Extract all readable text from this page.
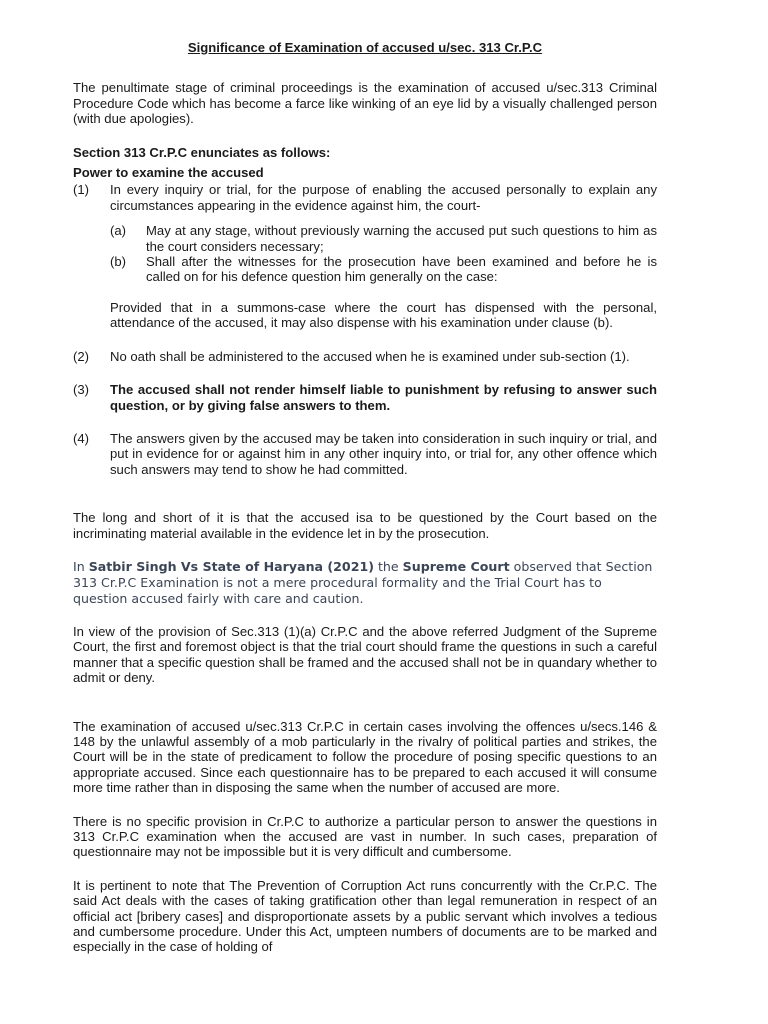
Significance of Examination of accused u/sec. 313 Cr.P.C

The penultimate stage of criminal proceedings is the examination of accused u/sec.313 Criminal Procedure Code which has become a farce like winking of an eye lid by a visually challenged person (with due apologies).

Section 313 Cr.P.C enunciates as follows:

Power to examine the accused

(1)	In every inquiry or trial, for the purpose of enabling the accused personally to explain any circumstances appearing in the evidence against him, the court-
(a)	May at any stage, without previously warning the accused put such questions to him as the court considers necessary;
(b)	Shall after the witnesses for the prosecution have been examined and before he is called on for his defence question him generally on the case:

Provided that in a summons-case where the court has dispensed with the personal, attendance of the accused, it may also dispense with his examination under clause (b).

(2)	No oath shall be administered to the accused when he is examined under sub-section (1).
(3)	The accused shall not render himself liable to punishment by refusing to answer such question, or by giving false answers to them.
(4)	The answers given by the accused may be taken into consideration in such inquiry or trial, and put in evidence for or against him in any other inquiry into, or trial for, any other offence which such answers may tend to show he had committed.

The long and short of it is that the accused isa to be questioned by the Court based on the incriminating material available in the evidence let in by the prosecution.

In Satbir Singh Vs State of Haryana (2021) the Supreme Court observed that Section 313 Cr.P.C Examination is not a mere procedural formality and the Trial Court has to question accused fairly with care and caution.

In view of the provision of Sec.313 (1)(a) Cr.P.C and the above referred Judgment of the Supreme Court, the first and foremost object is that the trial court should frame the questions in such a careful manner that a specific question shall be framed and the accused shall not be in quandary whether to admit or deny.

The examination of accused u/sec.313 Cr.P.C in certain cases involving the offences u/secs.146 & 148 by the unlawful assembly of a mob particularly in the rivalry of political parties and strikes, the Court will be in the state of predicament to follow the procedure of posing specific questions to an appropriate accused. Since each questionnaire has to be prepared to each accused it will consume more time rather than in disposing the same when the number of accused are more.

There is no specific provision in Cr.P.C to authorize a particular person to answer the questions in 313 Cr.P.C examination when the accused are vast in number. In such cases, preparation of questionnaire may not be impossible but it is very difficult and cumbersome.

It is pertinent to note that The Prevention of Corruption Act runs concurrently with the Cr.P.C. The said Act deals with the cases of taking gratification other than legal remuneration in respect of an official act [bribery cases] and disproportionate assets by a public servant which involves a tedious and cumbersome procedure. Under this Act, umpteen numbers of documents are to be marked and especially in the case of holding of
